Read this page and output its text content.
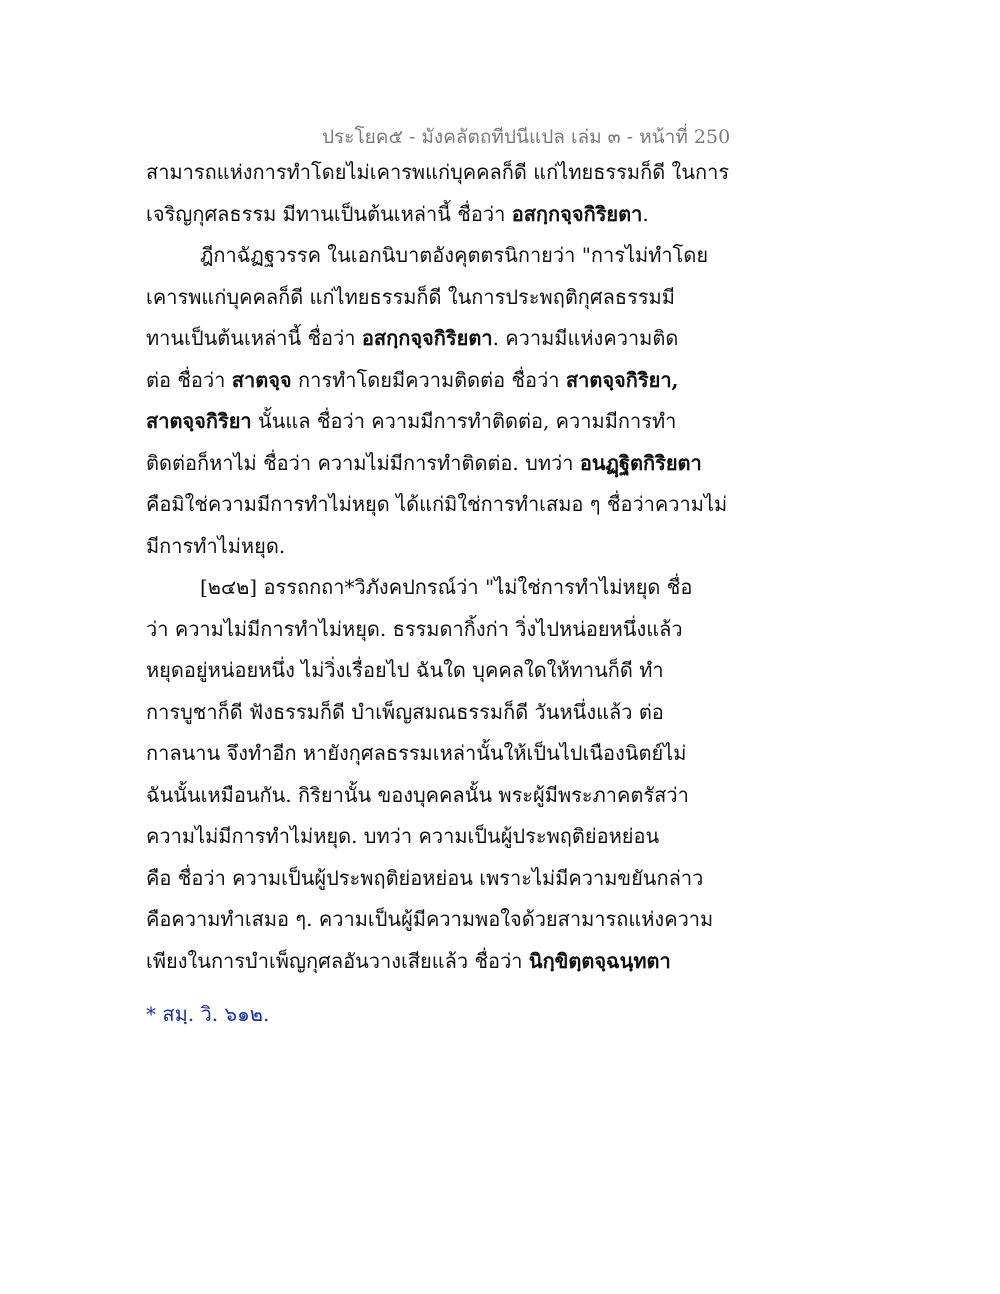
ประโยค๕ - มังคลัตถทีปนีแปล เล่ม ๓ - หน้าที่ 250
สามารถแห่งการทำโดยไม่เคารพแก่บุคคลก็ดี แก่ไทยธรรมก็ดี ในการ
เจริญกุศลธรรม มีทานเป็นต้นเหล่านี้ ชื่อว่า อสกฺกจฺจกิริยตา.
ฎีกาฉัฏฐวรรค ในเอกนิบาตอังคุตตรนิกายว่า "การไม่ทำโดย
เคารพแก่บุคคลก็ดี แก่ไทยธรรมก็ดี ในการประพฤติกุศลธรรมมี
ทานเป็นต้นเหล่านี้ ชื่อว่า อสกฺกจฺจกิริยตา. ความมีแห่งความติด
ต่อ ชื่อว่า สาตจฺจ การทำโดยมีความติดต่อ ชื่อว่า สาตจฺจกิริยา,
สาตจฺจกิริยา นั้นแล ชื่อว่า ความมีการทำติดต่อ, ความมีการทำ
ติดต่อก็หาไม่ ชื่อว่า ความไม่มีการทำติดต่อ. บทว่า อนฏฺฐิตกิริยตา
คือมิใช่ความมีการทำไม่หยุด ได้แก่มิใช่การทำเสมอ ๆ ชื่อว่าความไม่
มีการทำไม่หยุด.
[๒๔๒] อรรถกถา*วิภังคปกรณ์ว่า "ไม่ใช่การทำไม่หยุด ชื่อ
ว่า ความไม่มีการทำไม่หยุด. ธรรมดากิ้งก่า วิ่งไปหน่อยหนึ่งแล้ว
หยุดอยู่หน่อยหนึ่ง ไม่วิ่งเรื่อยไป ฉันใด บุคคลใดให้ทานก็ดี ทำ
การบูชาก็ดี ฟังธรรมก็ดี บำเพ็ญสมณธรรมก็ดี วันหนึ่งแล้ว ต่อ
กาลนาน จึงทำอีก หายังกุศลธรรมเหล่านั้นให้เป็นไปเนืองนิตย์ไม่
ฉันนั้นเหมือนกัน. กิริยานั้น ของบุคคลนั้น พระผู้มีพระภาคตรัสว่า
ความไม่มีการทำไม่หยุด. บทว่า ความเป็นผู้ประพฤติย่อหย่อน
คือ ชื่อว่า ความเป็นผู้ประพฤติย่อหย่อน เพราะไม่มีความขยันกล่าว
คือความทำเสมอ ๆ. ความเป็นผู้มีความพอใจด้วยสามารถแห่งความ
เพียงในการบำเพ็ญกุศลอันวางเสียแล้ว ชื่อว่า นิกฺขิตฺตจฺฉนฺทตา
* สมฺ. วิ. ๖๑๒.
